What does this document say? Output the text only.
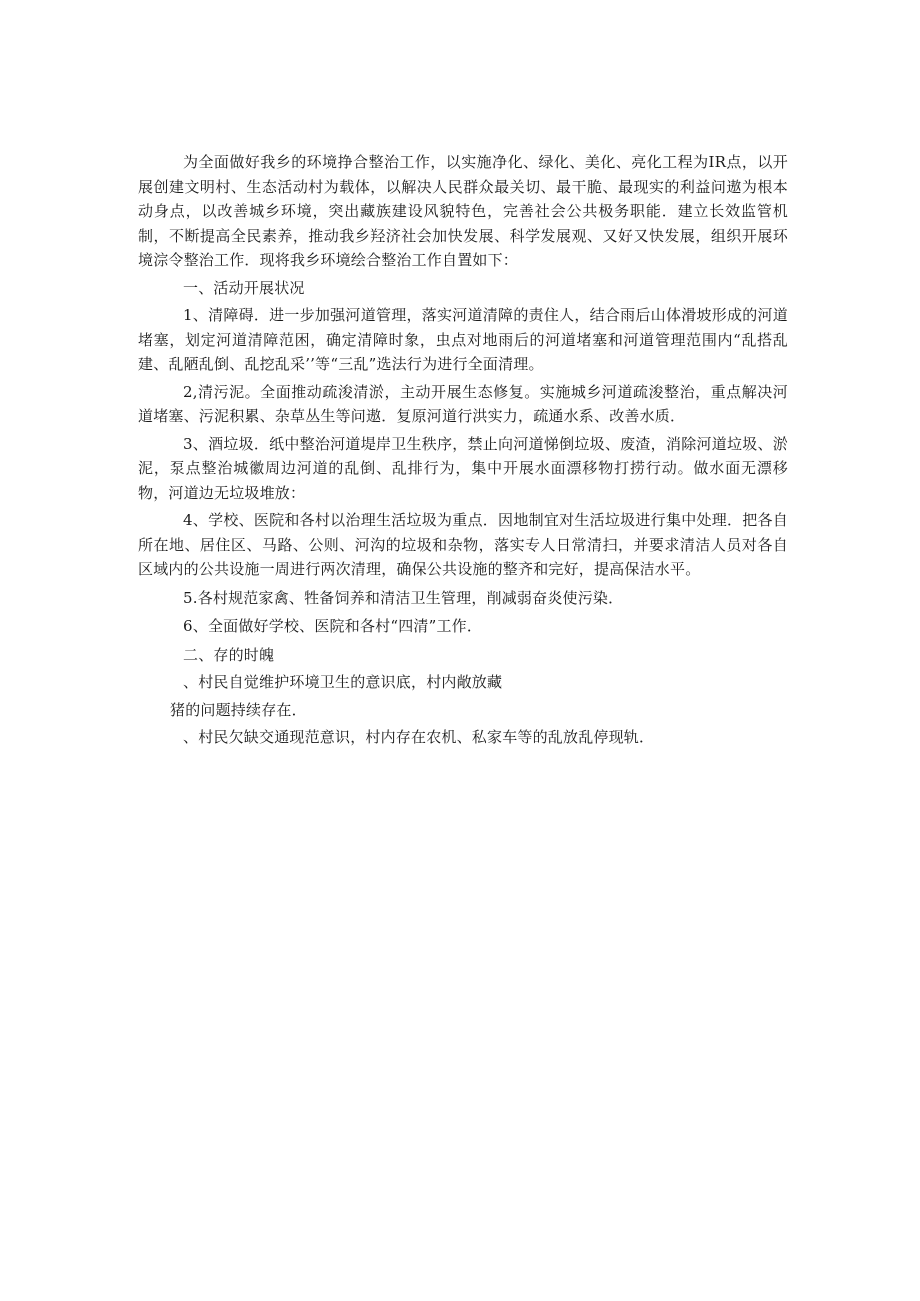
为全面做好我乡的环境挣合整治工作，以实施净化、绿化、美化、亮化工程为IR点，以开展创建文明村、生态活动村为载体，以解决人民群众最关切、最干脆、最现实的利益问遨为根本动身点，以改善城乡环境，突出藏族建设风貌特色，完善社会公共极务职能．建立长效监管机制，不断提高全民素养，推动我乡羟济社会加快发展、科学发展观、又好又快发展，组织开展环境淙令整治工作．现将我乡环境绘合整治工作自置如下：

一、活动开展状况

1、清障碍．进一步加强河道管理，落实河道清障的责住人，结合雨后山体滑坡形成的河道堵塞，划定河道清障范困，确定清障时象，虫点对地雨后的河道堵塞和河道管理范围内“乱搭乱建、乱陋乱倒、乱挖乱采’’等“三乱”选法行为进行全面清理。

2,清污泥。全面推动疏浚清淤，主动开展生态修复。实施城乡河道疏浚整治，重点解决河道堵塞、污泥积累、杂草丛生等问遨．复原河道行洪实力，疏通水系、改善水质．

3、酒垃圾．纸中整治河道堤岸卫生秩序，禁止向河道悌倒垃圾、废渣，消除河道垃圾、淤泥，泵点整治城徽周边河道的乱倒、乱排行为，集中开展水面漂移物打捞行动。做水面无漂移物，河道边无垃圾堆放：

4、学校、医院和各村以治理生活垃圾为重点．因地制宜对生活垃圾进行集中处理．把各自所在地、居住区、马路、公则、河沟的垃圾和杂物，落实专人日常清扫，并要求清洁人员对各自区域内的公共设施一周进行两次清理，确保公共设施的整齐和完好，提高保洁水平。

5.各村规范家禽、牲备饲养和清洁卫生管理，削减弱奋炎使污染．

6、全面做好学校、医院和各村“四清”工作．

二、存的时魄

、村民自觉维护环境卫生的意识底，村内敞放藏

猪的问题持续存在．

、村民欠缺交通现范意识，村内存在农机、私家车等的乱放乱停现轨．
